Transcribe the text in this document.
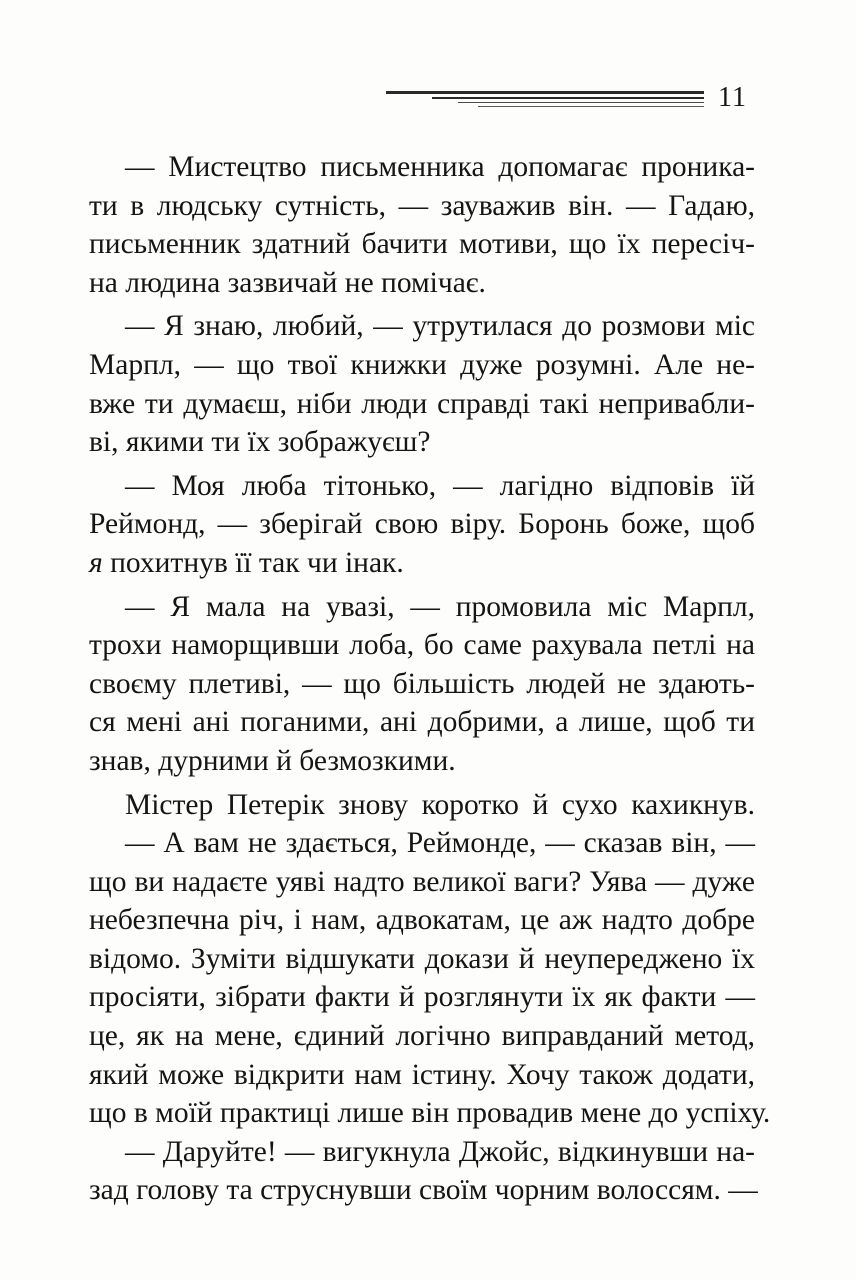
11
— Мистецтво письменника допомагає проника-
ти в людську сутність, — зауважив він. — Гадаю,
письменник здатний бачити мотиви, що їх пересіч-
на людина зазвичай не помічає.
— Я знаю, любий, — утрутилася до розмови міс
Марпл, — що твої книжки дуже розумні. Але не-
вже ти думаєш, ніби люди справді такі непривабли-
ві, якими ти їх зображуєш?
— Моя люба тітонько, — лагідно відповів їй
Реймонд, — зберігай свою віру. Боронь боже, щоб
я похитнув її так чи інак.
— Я мала на увазі, — промовила міс Марпл,
трохи наморщивши лоба, бо саме рахувала петлі на
своєму плетиві, — що більшість людей не здають-
ся мені ані поганими, ані добрими, а лише, щоб ти
знав, дурними й безмозкими.
Містер Петерік знову коротко й сухо кахикнув.
— А вам не здається, Реймонде, — сказав він, —
що ви надаєте уяві надто великої ваги? Уява — дуже
небезпечна річ, і нам, адвокатам, це аж надто добре
відомо. Зуміти відшукати докази й неупереджено їх
просіяти, зібрати факти й розглянути їх як факти —
це, як на мене, єдиний логічно виправданий метод,
який може відкрити нам істину. Хочу також додати,
що в моїй практиці лише він провадив мене до успіху.
— Даруйте! — вигукнула Джойс, відкинувши на-
зад голову та струснувши своїм чорним волоссям. —
